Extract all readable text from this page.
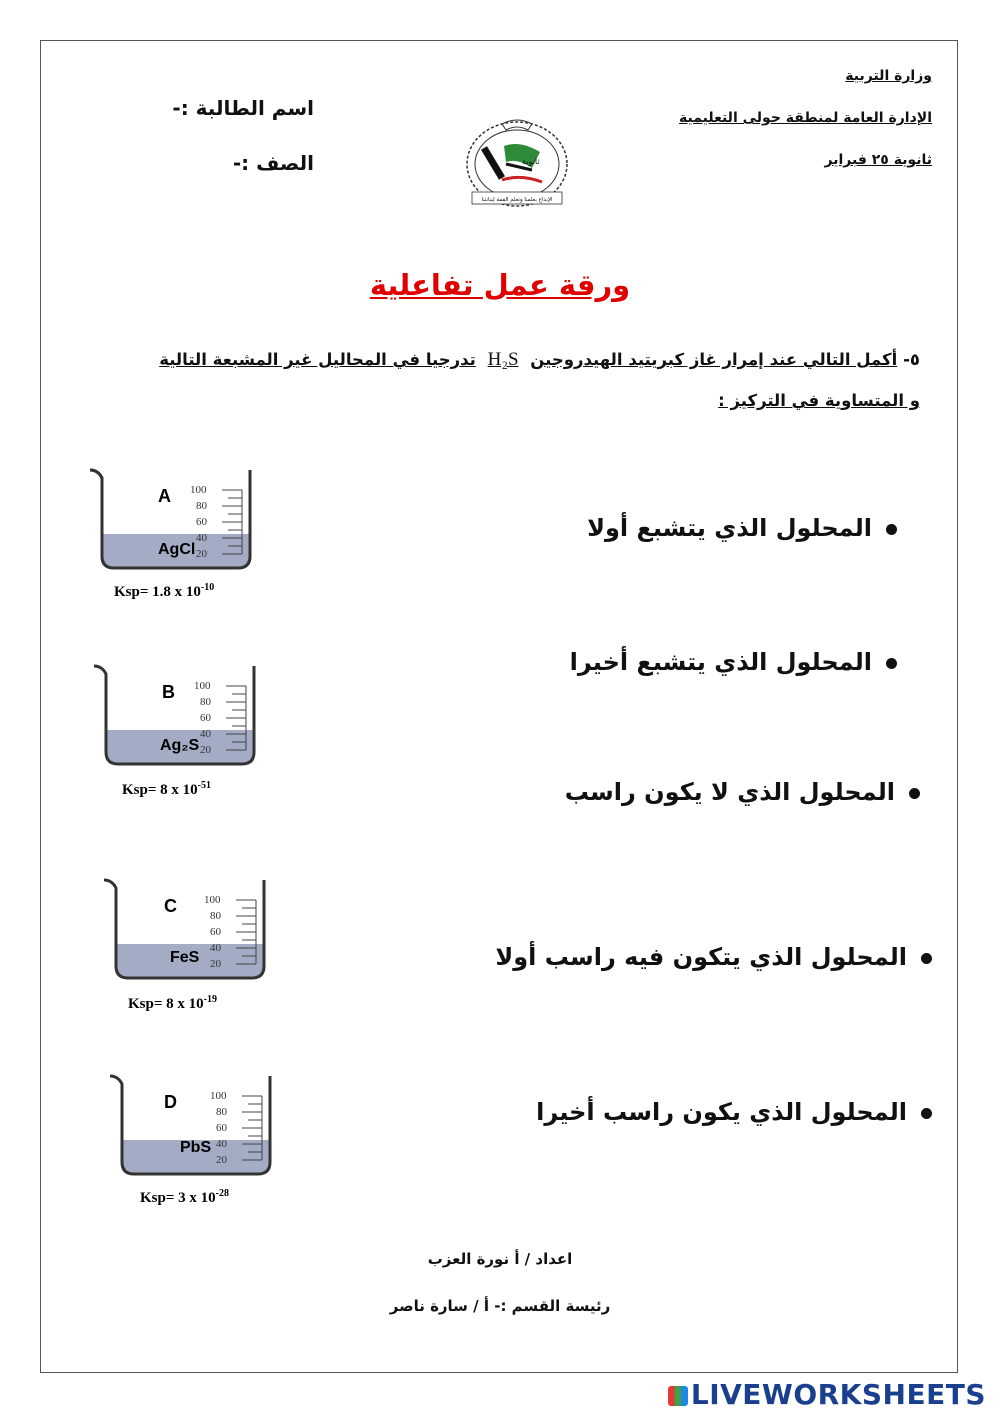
وزارة التربية
الإدارة العامة لمنطقة حولى التعليمية
ثانوية ٢٥ فبراير
اسم الطالبة :-
الصف :-	ثانوية
الإبداع بعلمنا وتعلم القمة لبنانتنا
ورقة عمل تفاعلية
٥- أكمل التالي عند إمرار غاز كبريتيد الهيدروجين H₂S تدرجيا في المحاليل غير المشبعة التالية
و المتساوية في التركيز :
المحلول الذي يتشبع أولا
المحلول الذي يتشبع أخيرا
المحلول الذي لا يكون راسب
المحلول الذي يتكون فيه راسب أولا
المحلول الذي يكون راسب أخيرا
100
80
60
40
20
A
AgCl
Ksp= 1.8 x $10^{-10}$
100
80
60
40
20
B
Ag₂S
Ksp= 8 x $10^{-51}$
100
80
60
40
20
C
FeS
Ksp= 8 x $10^{-19}$
100
80
60
40
20
D
PbS
Ksp= 3 x $10^{-28}$
اعداد / أ نورة العزب
رئيسة القسم :- أ / سارة ناصر
LIVEWORKSHEETS
